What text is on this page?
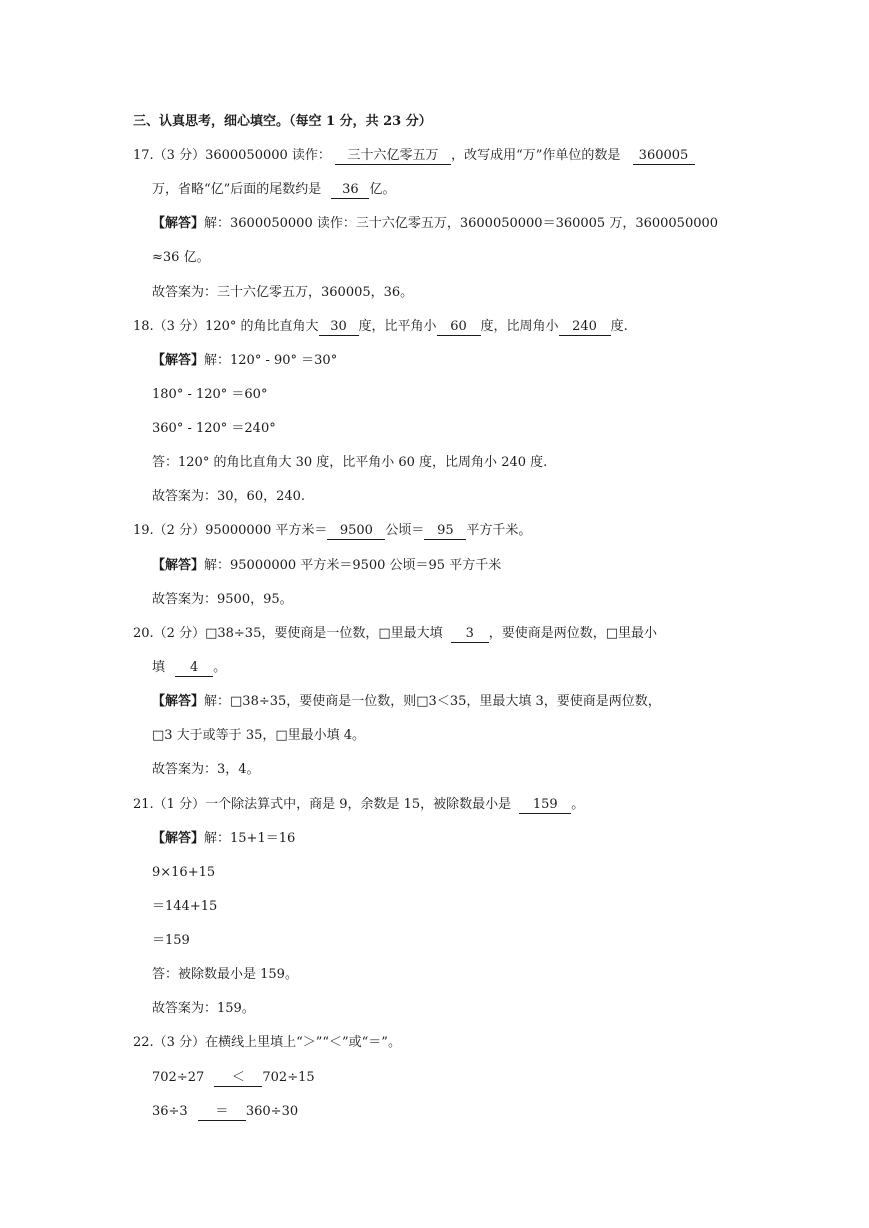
三、认真思考，细心填空。（每空 1 分，共 23 分）
17.（3 分）3600050000 读作： 三十六亿零五万 ，改写成用“万”作单位的数是 360005
万，省略“亿”后面的尾数约是 36 亿。
【解答】解：3600050000 读作：三十六亿零五万，3600050000＝360005 万，3600050000
≈36 亿。
故答案为：三十六亿零五万，360005，36。
18.（3 分）120° 的角比直角大 30 度，比平角小 60 度，比周角小 240 度.
【解答】解：120° - 90° ＝30°
180° - 120° ＝60°
360° - 120° ＝240°
答：120° 的角比直角大 30 度，比平角小 60 度，比周角小 240 度.
故答案为：30，60，240.
19.（2 分）95000000 平方米＝ 9500 公顷＝ 95 平方千米。
【解答】解：95000000 平方米＝9500 公顷＝95 平方千米
故答案为：9500，95。
20.（2 分）□38÷35，要使商是一位数，□里最大填 3 ，要使商是两位数，□里最小
填 4 。
【解答】解：□38÷35，要使商是一位数，则□3＜35，里最大填 3，要使商是两位数，
□3 大于或等于 35，□里最小填 4。
故答案为：3，4。
21.（1 分）一个除法算式中，商是 9，余数是 15，被除数最小是 159 。
【解答】解：15+1＝16
9×16+15
＝144+15
＝159
答：被除数最小是 159。
故答案为：159。
22.（3 分）在横线上里填上“＞”“＜”或“＝”。
702÷27 ＜ 702÷15
36÷3 ＝ 360÷30
